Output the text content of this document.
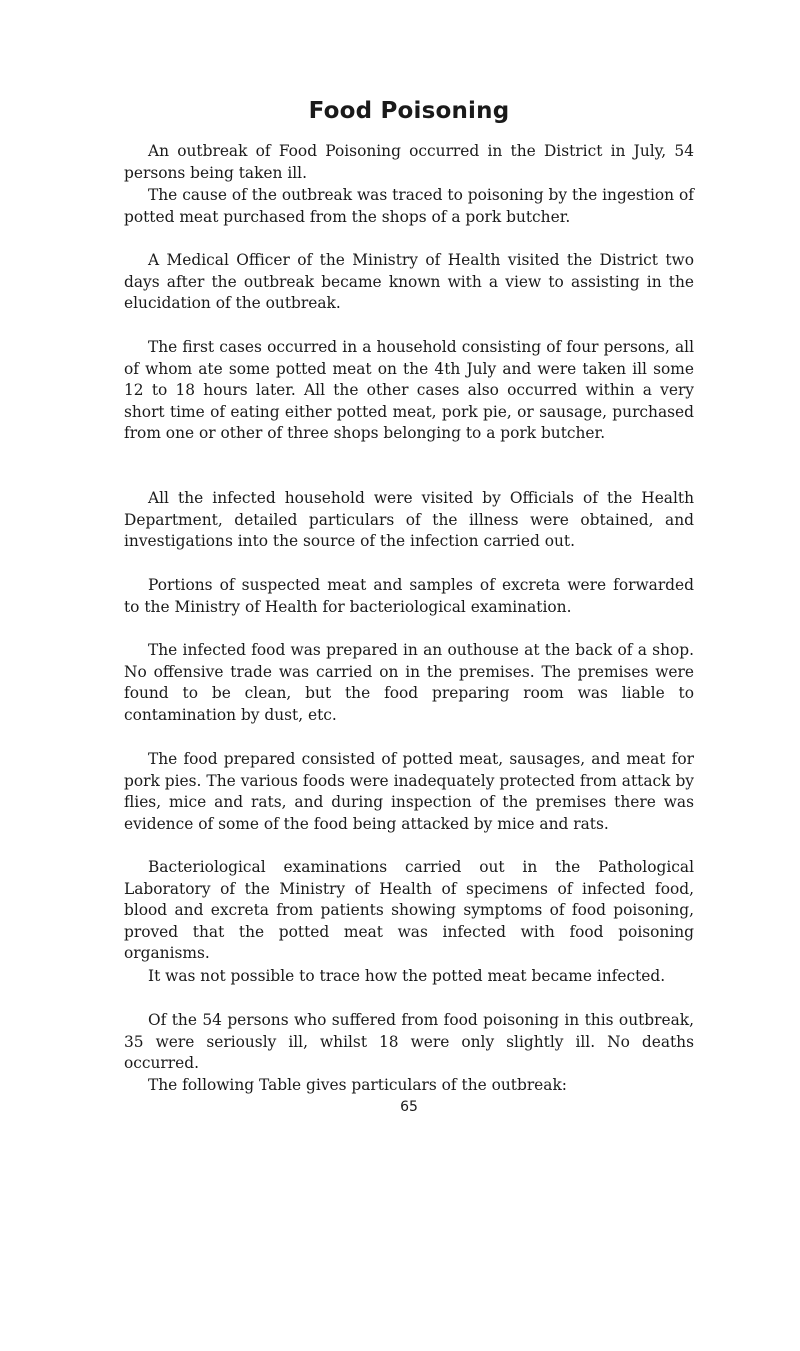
Food Poisoning

An outbreak of Food Poisoning occurred in the District in July, 54 persons being taken ill.

The cause of the outbreak was traced to poisoning by the ingestion of potted meat purchased from the shops of a pork butcher.

A Medical Officer of the Ministry of Health visited the District two days after the outbreak became known with a view to assisting in the elucidation of the outbreak.

The first cases occurred in a household consisting of four persons, all of whom ate some potted meat on the 4th July and were taken ill some 12 to 18 hours later. All the other cases also occurred within a very short time of eating either potted meat, pork pie, or sausage, purchased from one or other of three shops belonging to a pork butcher.

All the infected household were visited by Officials of the Health Department, detailed particulars of the illness were obtained, and investigations into the source of the infection carried out.

Portions of suspected meat and samples of excreta were forwarded to the Ministry of Health for bacteriological examination.

The infected food was prepared in an outhouse at the back of a shop. No offensive trade was carried on in the premises. The premises were found to be clean, but the food preparing room was liable to contamination by dust, etc.

The food prepared consisted of potted meat, sausages, and meat for pork pies. The various foods were inadequately protected from attack by flies, mice and rats, and during inspection of the premises there was evidence of some of the food being attacked by mice and rats.

Bacteriological examinations carried out in the Pathological Laboratory of the Ministry of Health of specimens of infected food, blood and excreta from patients showing symptoms of food poisoning, proved that the potted meat was infected with food poisoning organisms.

It was not possible to trace how the potted meat became infected.

Of the 54 persons who suffered from food poisoning in this outbreak, 35 were seriously ill, whilst 18 were only slightly ill. No deaths occurred.

The following Table gives particulars of the outbreak:

65
